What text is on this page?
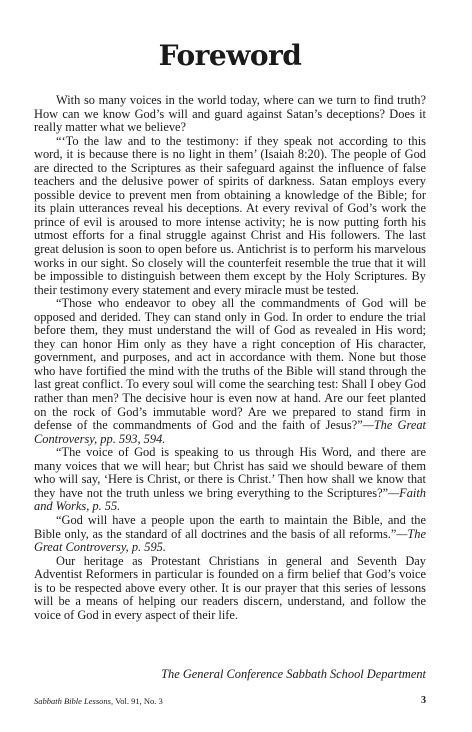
Foreword

With so many voices in the world today, where can we turn to find truth? How can we know God’s will and guard against Satan’s deceptions? Does it really matter what we believe?

“‘To the law and to the testimony: if they speak not according to this word, it is because there is no light in them’ (Isaiah 8:20). The people of God are directed to the Scriptures as their safeguard against the influence of false teachers and the delusive power of spirits of darkness. Satan employs every possible device to prevent men from obtaining a knowledge of the Bible; for its plain utterances reveal his deceptions. At every revival of God’s work the prince of evil is aroused to more intense activity; he is now putting forth his utmost efforts for a final struggle against Christ and His followers. The last great delusion is soon to open before us. Antichrist is to perform his marvelous works in our sight. So closely will the counterfeit resemble the true that it will be impossible to distinguish between them except by the Holy Scriptures. By their testimony every statement and every miracle must be tested.

“Those who endeavor to obey all the commandments of God will be opposed and derided. They can stand only in God. In order to endure the trial before them, they must understand the will of God as revealed in His word; they can honor Him only as they have a right conception of His character, government, and purposes, and act in accordance with them. None but those who have fortified the mind with the truths of the Bible will stand through the last great conflict. To every soul will come the searching test: Shall I obey God rather than men? The decisive hour is even now at hand. Are our feet planted on the rock of God’s immutable word? Are we prepared to stand firm in defense of the commandments of God and the faith of Jesus?”—The Great Controversy, pp. 593, 594.

“The voice of God is speaking to us through His Word, and there are many voices that we will hear; but Christ has said we should beware of them who will say, ‘Here is Christ, or there is Christ.’ Then how shall we know that they have not the truth unless we bring everything to the Scriptures?”—Faith and Works, p. 55.

“God will have a people upon the earth to maintain the Bible, and the Bible only, as the standard of all doctrines and the basis of all reforms.”—The Great Controversy, p. 595.

Our heritage as Protestant Christians in general and Seventh Day Adventist Reformers in particular is founded on a firm belief that God’s voice is to be respected above every other. It is our prayer that this series of lessons will be a means of helping our readers discern, understand, and follow the voice of God in every aspect of their life.

The General Conference Sabbath School Department
Sabbath Bible Lessons, Vol. 91, No. 3	3
